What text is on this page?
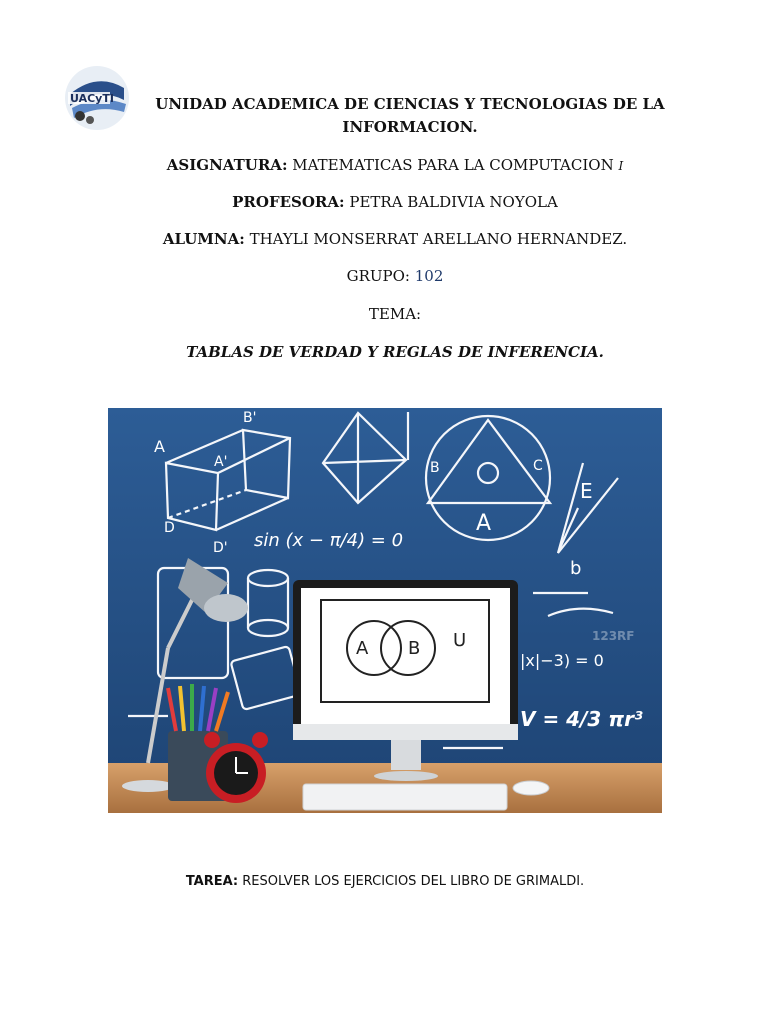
UACyTI	UNIDAD ACADEMICA DE CIENCIAS Y TECNOLOGIAS DE LA
INFORMACION.
ASIGNATURA: MATEMATICAS PARA LA COMPUTACION I
PROFESORA: PETRA BALDIVIA NOYOLA
ALUMNA: THAYLI MONSERRAT ARELLANO HERNANDEZ.
GRUPO: 102
TEMA:
TABLAS DE VERDAD Y REGLAS DE INFERENCIA.
A
A'
B'
B	C
A
E
D
D'
b
sin (x − π/4) = 0
|x|−3) = 0
V = 4/3 πr³
123RF
A B U
TAREA: RESOLVER LOS EJERCICIOS DEL LIBRO DE GRIMALDI.
